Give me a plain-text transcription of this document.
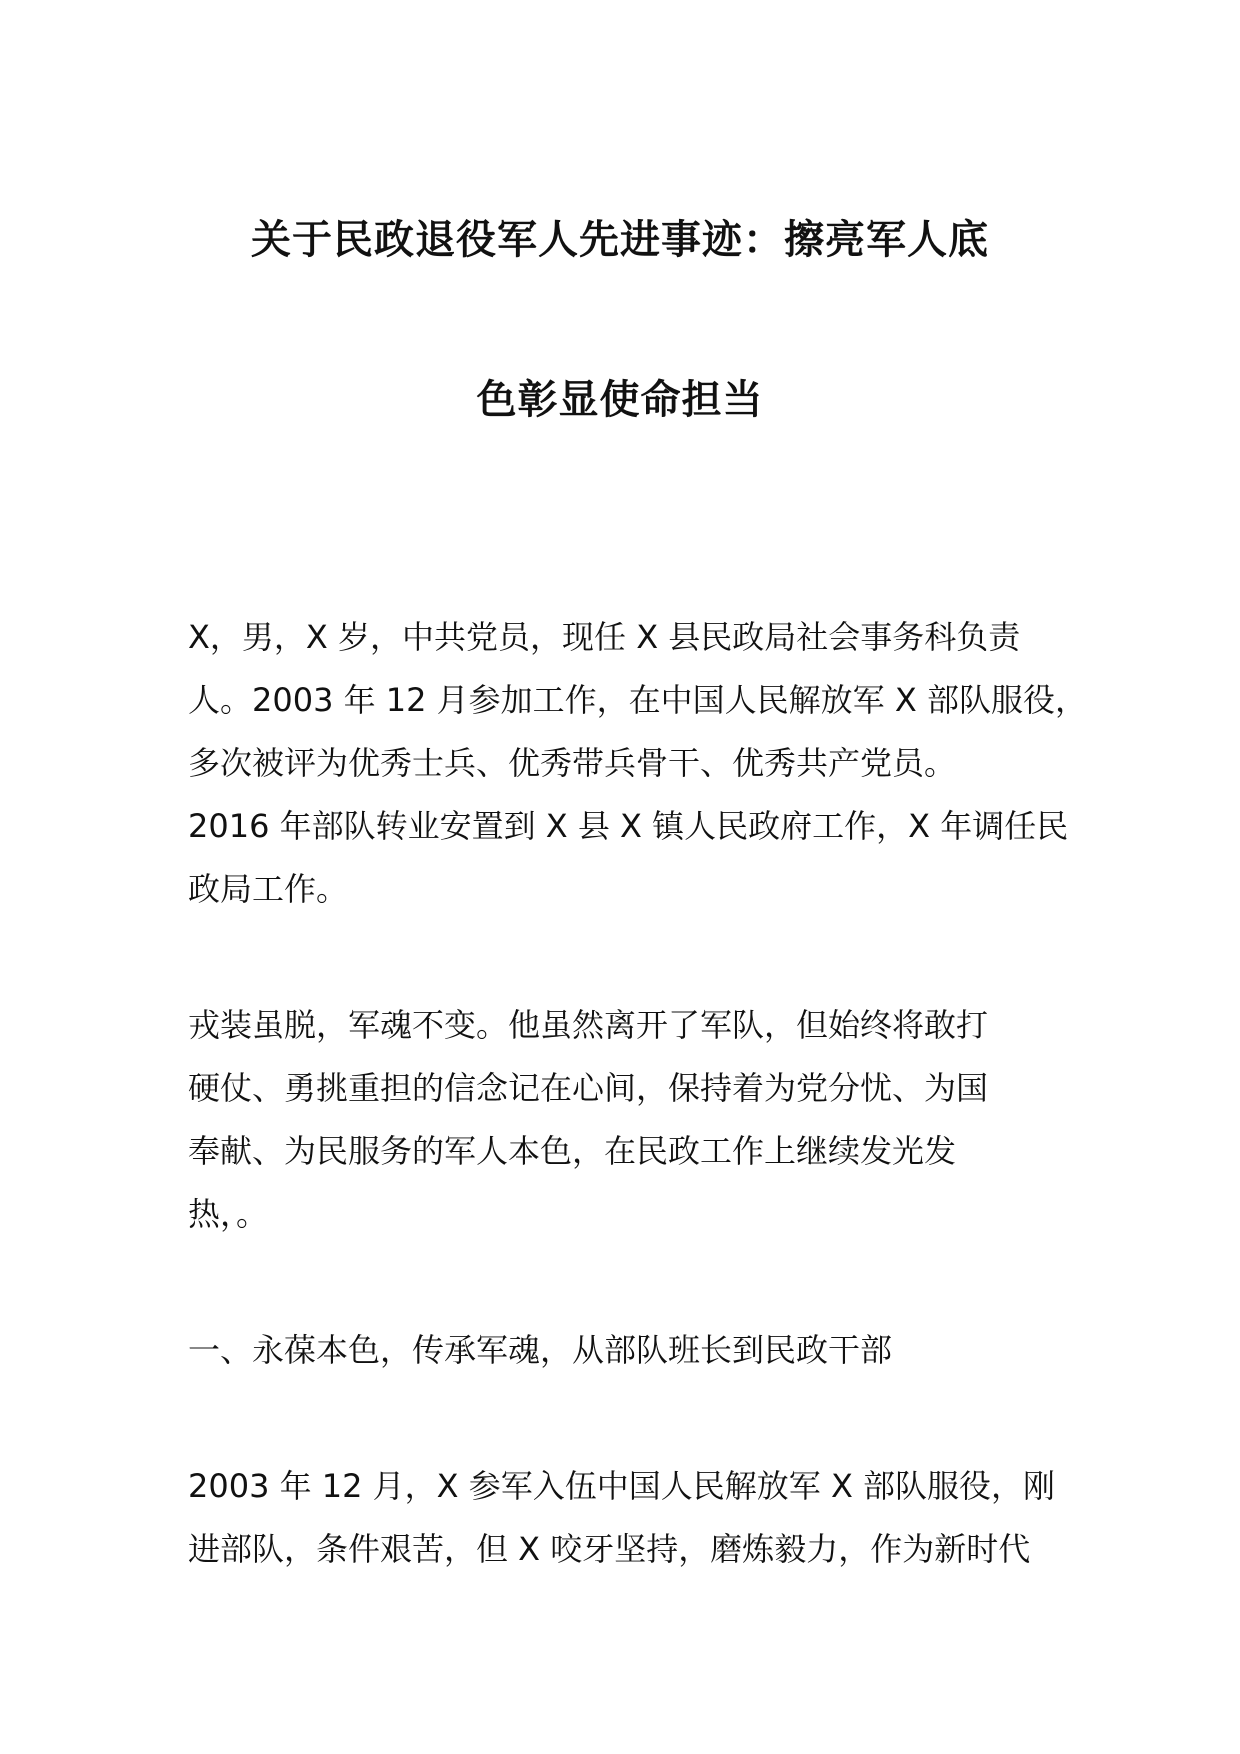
关于民政退役军人先进事迹：擦亮军人底
色彰显使命担当
X，男，X 岁，中共党员，现任 X 县民政局社会事务科负责
人。2003 年 12 月参加工作，在中国人民解放军 X 部队服役，
多次被评为优秀士兵、优秀带兵骨干、优秀共产党员。
2016 年部队转业安置到 X 县 X 镇人民政府工作，X 年调任民
政局工作。
戎装虽脱，军魂不变。他虽然离开了军队，但始终将敢打
硬仗、勇挑重担的信念记在心间，保持着为党分忧、为国
奉献、为民服务的军人本色，在民政工作上继续发光发
热，。
一、永葆本色，传承军魂，从部队班长到民政干部
2003 年 12 月，X 参军入伍中国人民解放军 X 部队服役，刚
进部队，条件艰苦，但 X 咬牙坚持，磨炼毅力，作为新时代
